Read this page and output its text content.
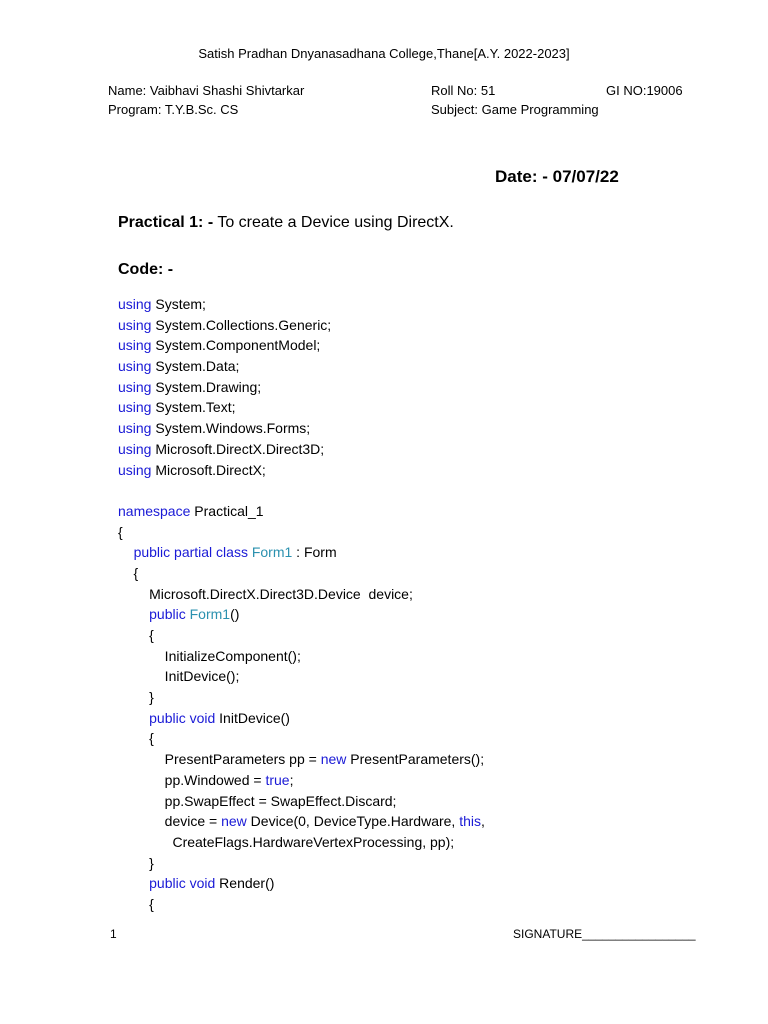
Satish Pradhan Dnyanasadhana College,Thane[A.Y. 2022-2023]
Name: Vaibhavi Shashi Shivtarkar	Roll No: 51	GI NO:19006
Program: T.Y.B.Sc. CS	Subject: Game Programming
Date: - 07/07/22
Practical 1: - To create a Device using DirectX.
Code: -
using System;
using System.Collections.Generic;
using System.ComponentModel;
using System.Data;
using System.Drawing;
using System.Text;
using System.Windows.Forms;
using Microsoft.DirectX.Direct3D;
using Microsoft.DirectX;
namespace Practical_1
{
public partial class Form1 : Form
{
Microsoft.DirectX.Direct3D.Device  device;
public Form1()
{
InitializeComponent();
InitDevice();
}
public void InitDevice()
{
PresentParameters pp = new PresentParameters();
pp.Windowed = true;
pp.SwapEffect = SwapEffect.Discard;
device = new Device(0, DeviceType.Hardware, this,
CreateFlags.HardwareVertexProcessing, pp);
}
public void Render()
{
1	SIGNATURE_________________
